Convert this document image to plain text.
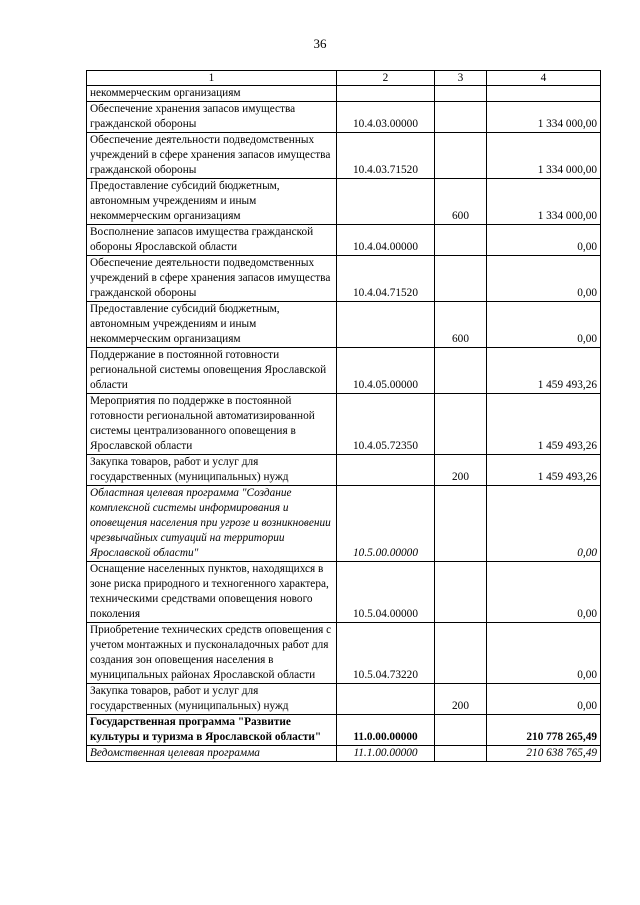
36
1	2	3	4
некоммерческим организациям			
Обеспечение хранения запасов имущества гражданской обороны	10.4.03.00000		1 334 000,00
Обеспечение деятельности подведомственных учреждений в сфере хранения запасов имущества гражданской обороны	10.4.03.71520		1 334 000,00
Предоставление субсидий бюджетным, автономным учреждениям и иным некоммерческим организациям		600	1 334 000,00
Восполнение запасов имущества гражданской обороны Ярославской области	10.4.04.00000		0,00
Обеспечение деятельности подведомственных учреждений в сфере хранения запасов имущества гражданской обороны	10.4.04.71520		0,00
Предоставление субсидий бюджетным, автономным учреждениям и иным некоммерческим организациям		600	0,00
Поддержание в постоянной готовности региональной системы оповещения Ярославской области	10.4.05.00000		1 459 493,26
Мероприятия по поддержке в постоянной готовности региональной автоматизированной системы централизованного оповещения в Ярославской области	10.4.05.72350		1 459 493,26
Закупка товаров, работ и услуг для государственных (муниципальных) нужд		200	1 459 493,26
Областная целевая программа "Создание комплексной системы информирования и оповещения населения при угрозе и возникновении чрезвычайных ситуаций на территории Ярославской области"	10.5.00.00000		0,00
Оснащение населенных пунктов, находящихся в зоне риска природного и техногенного характера, техническими средствами оповещения нового поколения	10.5.04.00000		0,00
Приобретение технических средств оповещения с учетом монтажных и пусконаладочных работ для создания зон оповещения населения в муниципальных районах Ярославской области	10.5.04.73220		0,00
Закупка товаров, работ и услуг для государственных (муниципальных) нужд		200	0,00
Государственная программа "Развитие культуры и туризма в Ярославской области"	11.0.00.00000		210 778 265,49
Ведомственная целевая программа	11.1.00.00000		210 638 765,49
